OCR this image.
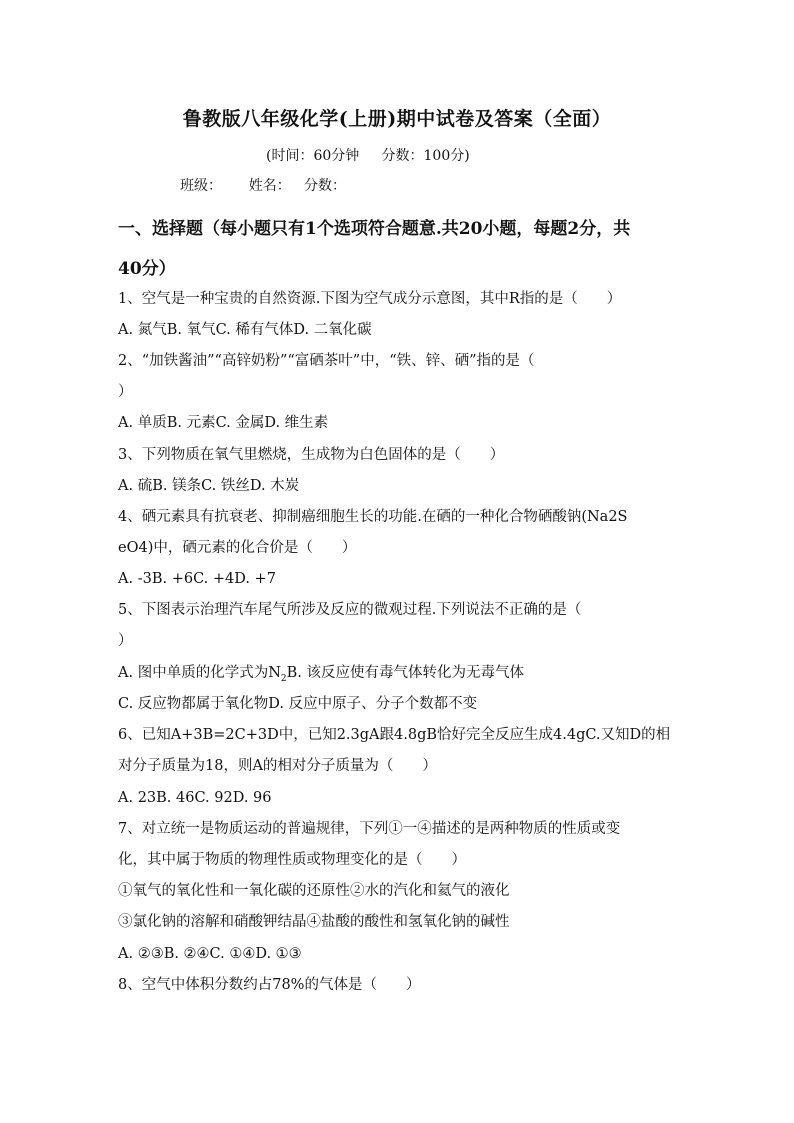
鲁教版八年级化学(上册)期中试卷及答案（全面）
(时间：60分钟     分数：100分)
班级：      姓名：   分数：
一、选择题（每小题只有1个选项符合题意.共20小题，每题2分，共
40分）
1、空气是一种宝贵的自然资源.下图为空气成分示意图，其中R指的是（　　）
A. 氮气B. 氧气C. 稀有气体D. 二氧化碳
2、“加铁酱油”“高锌奶粉”“富硒茶叶”中，“铁、锌、硒”指的是（
）
A. 单质B. 元素C. 金属D. 维生素
3、下列物质在氧气里燃烧，生成物为白色固体的是（　　）
A. 硫B. 镁条C. 铁丝D. 木炭
4、硒元素具有抗衰老、抑制癌细胞生长的功能.在硒的一种化合物硒酸钠(Na2S
eO4)中，硒元素的化合价是（　　）
A. -3B. +6C. +4D. +7
5、下图表示治理汽车尾气所涉及反应的微观过程.下列说法不正确的是（
）
A. 图中单质的化学式为$N_2B$. 该反应使有毒气体转化为无毒气体
C. 反应物都属于氧化物D. 反应中原子、分子个数都不变
6、已知A+3B=2C+3D中，已知2.3gA跟4.8gB恰好完全反应生成4.4gC.又知D的相
对分子质量为18，则A的相对分子质量为（　　）
A. 23B. 46C. 92D. 96
7、对立统一是物质运动的普遍规律，下列①一④描述的是两种物质的性质或变
化，其中属于物质的物理性质或物理变化的是（　　）
①氧气的氧化性和一氧化碳的还原性②水的汽化和氦气的液化
③氯化钠的溶解和硝酸钾结晶④盐酸的酸性和氢氧化钠的碱性
A. ②③B. ②④C. ①④D. ①③
8、空气中体积分数约占78%的气体是（　　）
